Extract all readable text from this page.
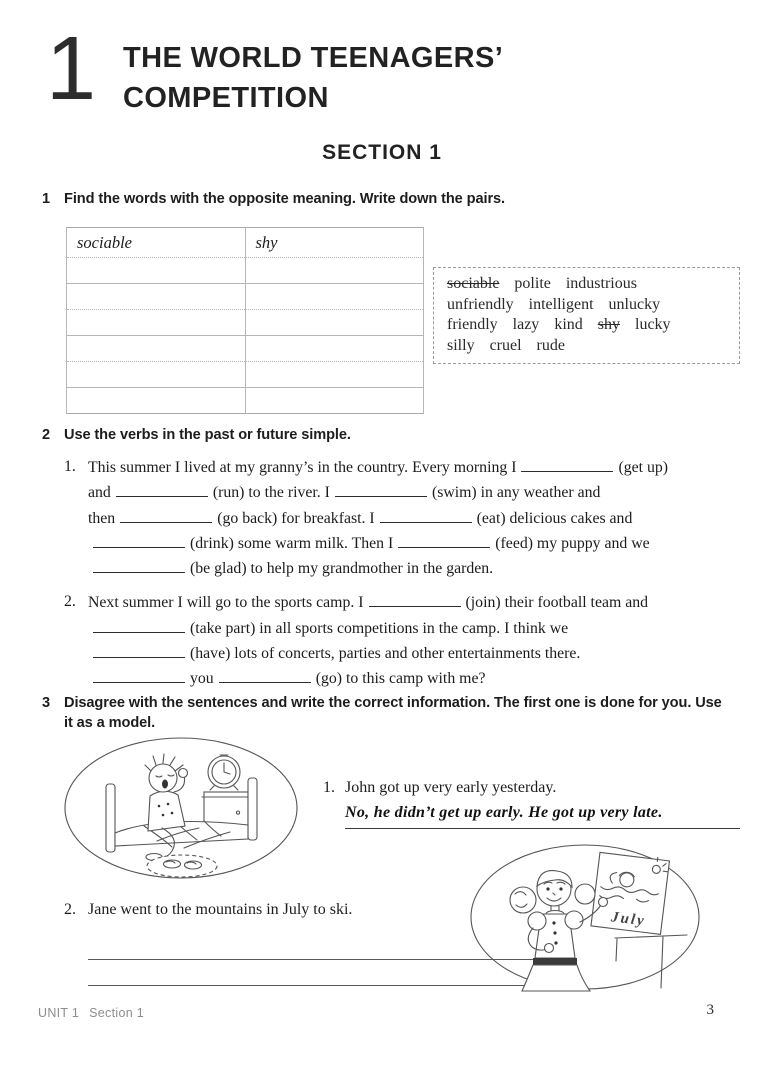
1 THE WORLD TEENAGERS’
COMPETITION
SECTION 1
1 Find the words with the opposite meaning. Write down the pairs.
sociable	shy

sociable polite industrious
unfriendly intelligent unlucky
friendly lazy kind shy lucky
silly cruel rude
2 Use the verbs in the past or future simple.
1. This summer I lived at my granny’s in the country. Every morning I	(get up)
and	(run) to the river. I	(swim) in any weather and
then	(go back) for breakfast. I	(eat) delicious cakes and
(drink) some warm milk. Then I	(feed) my puppy and we
(be glad) to help my grandmother in the garden.
2. Next summer I will go to the sports camp. I	(join) their football team and
(take part) in all sports competitions in the camp. I think we
(have) lots of concerts, parties and other entertainments there.
you	(go) to this camp with me?
3 Disagree with the sentences and write the correct information. The first one is done for you. Use it as a model.
1. John got up very early yesterday.
No, he didn’t get up early. He got up very late.
2. Jane went to the mountains in July to ski.	July
UNIT 1 Section 1	3
